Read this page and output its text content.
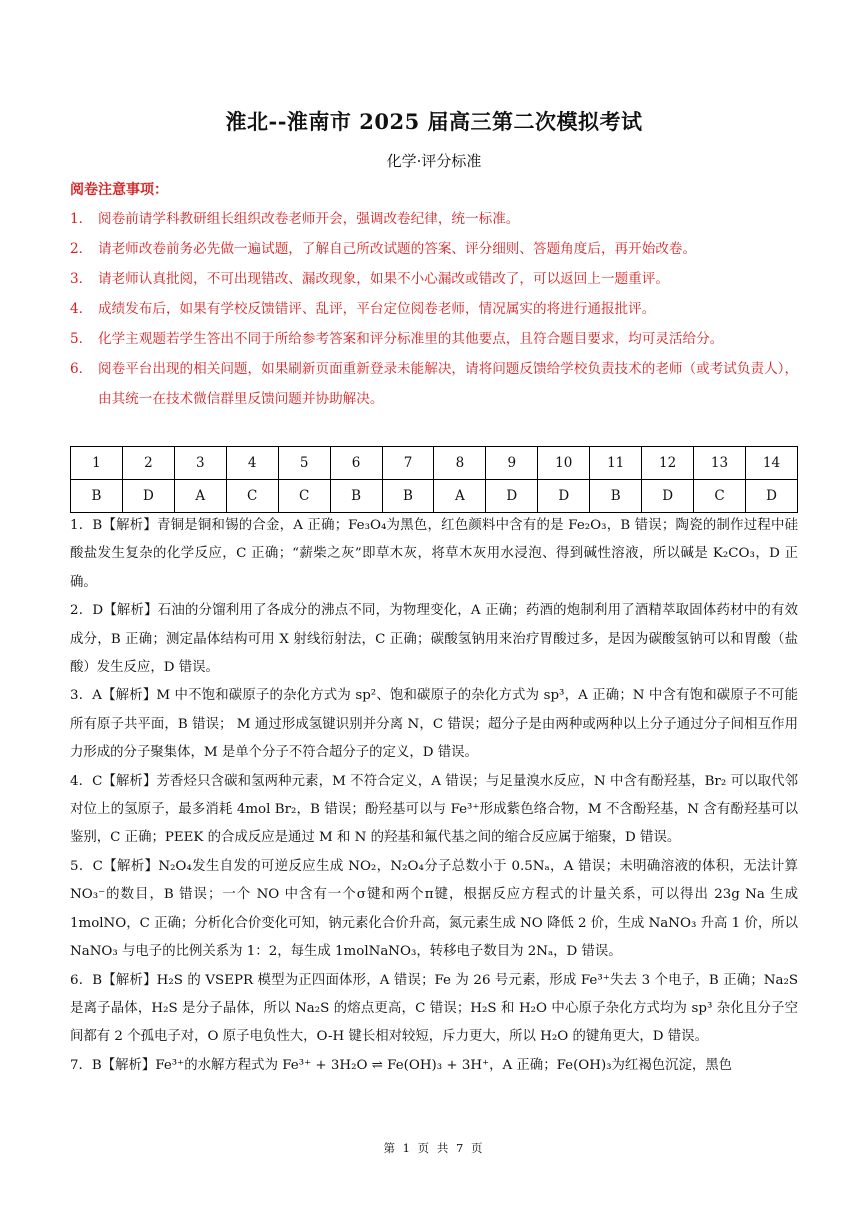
淮北--淮南市 2025 届高三第二次模拟考试
化学·评分标准
阅卷注意事项：
1． 阅卷前请学科教研组长组织改卷老师开会，强调改卷纪律，统一标准。
2． 请老师改卷前务必先做一遍试题，了解自己所改试题的答案、评分细则、答题角度后，再开始改卷。
3． 请老师认真批阅，不可出现错改、漏改现象，如果不小心漏改或错改了，可以返回上一题重评。
4． 成绩发布后，如果有学校反馈错评、乱评，平台定位阅卷老师，情况属实的将进行通报批评。
5． 化学主观题若学生答出不同于所给参考答案和评分标准里的其他要点，且符合题目要求，均可灵活给分。
6． 阅卷平台出现的相关问题，如果刷新页面重新登录未能解决，请将问题反馈给学校负责技术的老师（或考试负责人），由其统一在技术微信群里反馈问题并协助解决。
1	2	3	4	5	6	7	8	9	10	11	12	13	14
B	D	A	C	C	B	B	A	D	D	B	D	C	D

1．B【解析】青铜是铜和锡的合金，A 正确；Fe₃O₄为黑色，红色颜料中含有的是 Fe₂O₃，B 错误；陶瓷的制作过程中硅酸盐发生复杂的化学反应，C 正确；“薪柴之灰”即草木灰，将草木灰用水浸泡、得到碱性溶液，所以碱是 K₂CO₃，D 正确。

2．D【解析】石油的分馏利用了各成分的沸点不同，为物理变化，A 正确；药酒的炮制利用了酒精萃取固体药材中的有效成分，B 正确；测定晶体结构可用 X 射线衍射法，C 正确；碳酸氢钠用来治疗胃酸过多，是因为碳酸氢钠可以和胃酸（盐酸）发生反应，D 错误。

3．A【解析】M 中不饱和碳原子的杂化方式为 sp²、饱和碳原子的杂化方式为 sp³，A 正确；N 中含有饱和碳原子不可能所有原子共平面，B 错误； M 通过形成氢键识别并分离 N，C 错误；超分子是由两种或两种以上分子通过分子间相互作用力形成的分子聚集体，M 是单个分子不符合超分子的定义，D 错误。

4．C【解析】芳香烃只含碳和氢两种元素，M 不符合定义，A 错误；与足量溴水反应，N 中含有酚羟基，Br₂ 可以取代邻对位上的氢原子，最多消耗 4mol Br₂，B 错误；酚羟基可以与 Fe³⁺形成紫色络合物，M 不含酚羟基，N 含有酚羟基可以鉴别，C 正确；PEEK 的合成反应是通过 M 和 N 的羟基和氟代基之间的缩合反应属于缩聚，D 错误。

5．C【解析】N₂O₄发生自发的可逆反应生成 NO₂，N₂O₄分子总数小于 0.5Nₐ，A 错误；未明确溶液的体积，无法计算NO₃⁻的数目，B 错误；一个 NO 中含有一个σ键和两个π键，根据反应方程式的计量关系，可以得出 23g Na 生成 1molNO，C 正确；分析化合价变化可知，钠元素化合价升高，氮元素生成 NO 降低 2 价，生成 NaNO₃ 升高 1 价，所以 NaNO₃ 与电子的比例关系为 1：2，每生成 1molNaNO₃，转移电子数目为 2Nₐ，D 错误。

6．B【解析】H₂S 的 VSEPR 模型为正四面体形，A 错误；Fe 为 26 号元素，形成 Fe³⁺失去 3 个电子，B 正确；Na₂S 是离子晶体，H₂S 是分子晶体，所以 Na₂S 的熔点更高，C 错误；H₂S 和 H₂O 中心原子杂化方式均为 sp³ 杂化且分子空间都有 2 个孤电子对，O 原子电负性大，O-H 键长相对较短，斥力更大，所以 H₂O 的键角更大，D 错误。

7．B【解析】Fe³⁺的水解方程式为 Fe³⁺ + 3H₂O ⇌ Fe(OH)₃ + 3H⁺，A 正确；Fe(OH)₃为红褐色沉淀，黑色

第 1 页 共 7 页
